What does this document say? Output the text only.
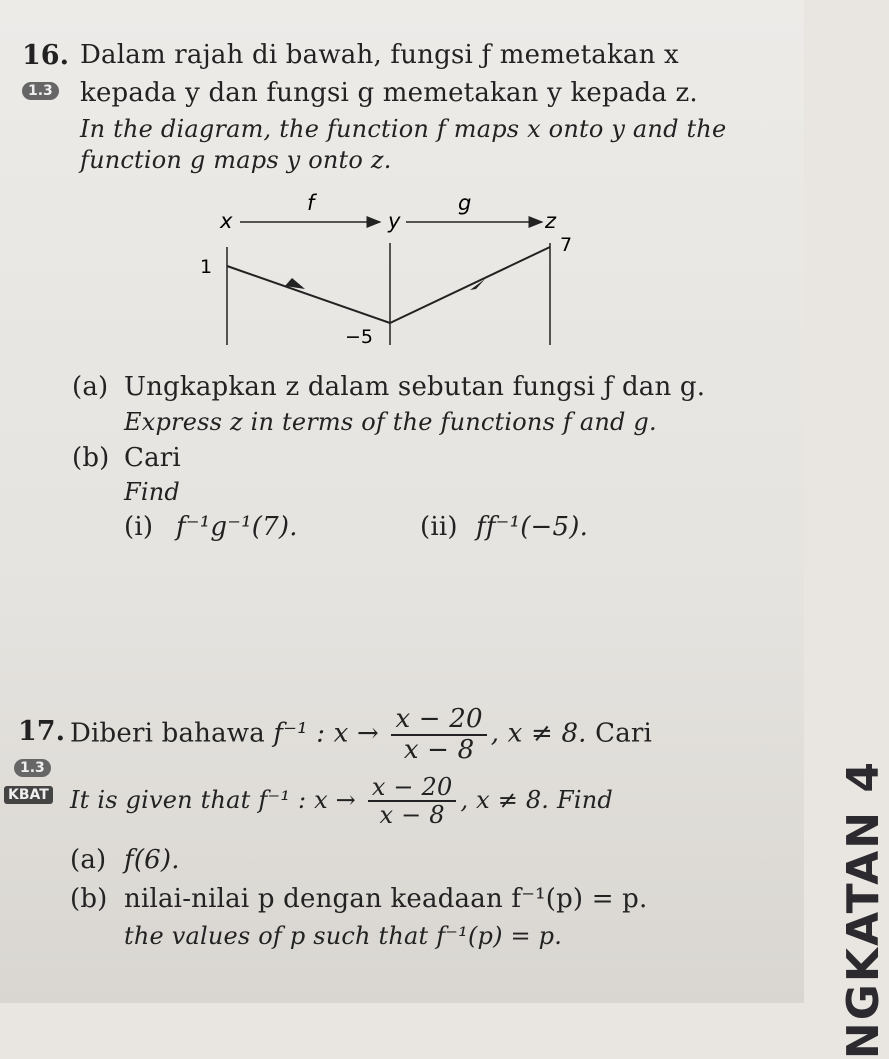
16. Dalam rajah di bawah, fungsi ƒ memetakan x
1.3 kepada y dan fungsi g memetakan y kepada z.
In the diagram, the function f maps x onto y and the
function g maps y onto z.
x	y	z
f	g
1
−5
7
(a) Ungkapkan z dalam sebutan fungsi ƒ dan g.
Express z in terms of the functions f and g.
(b) Cari
Find
(i) f⁻¹g⁻¹(7).	(ii) ff⁻¹(−5).
17. Diberi bahawa f⁻¹ : $x \to \frac{x - 20}{x - 8}$ , x ≠ 8. Cari
1.3
KBAT It is given that f⁻¹ : $x \to \frac{x - 20}{x - 8}$ , x ≠ 8. Find
(a) f(6).
(b) nilai-nilai p dengan keadaan f⁻¹(p) = p.
the values of p such that f⁻¹(p) = p.	NGKATAN 4
